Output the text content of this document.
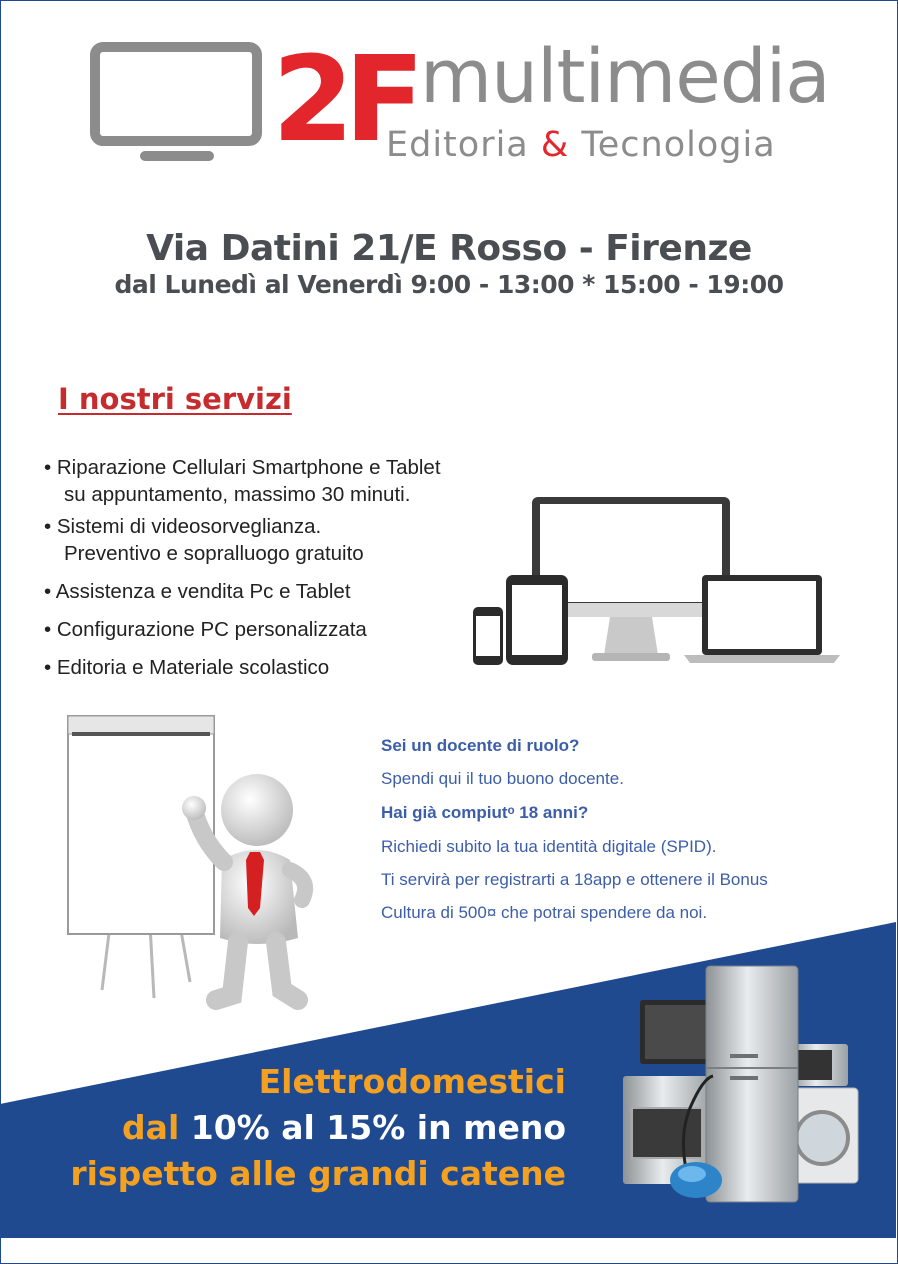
2F multimedia
Editoria & Tecnologia
Via Datini 21/E Rosso - Firenze
dal Lunedì al Venerdì 9:00 - 13:00 * 15:00 - 19:00
I nostri servizi
• Riparazione Cellulari Smartphone e Tablet
su appuntamento, massimo 30 minuti.
• Sistemi di videosorveglianza.
Preventivo e sopralluogo gratuito
• Assistenza e vendita Pc e Tablet
• Configurazione PC personalizzata
• Editoria e Materiale scolastico
Sei un docente di ruolo?
Spendi qui il tuo buono docente.
Hai già compiutᵒ 18 anni?
Richiedi subito la tua identità digitale (SPID).
Ti servirà per registrarti a 18app e ottenere il Bonus
Cultura di 500¤ che potrai spendere da noi.
Elettrodomestici
dal 10% al 15% in meno
rispetto alle grandi catene
